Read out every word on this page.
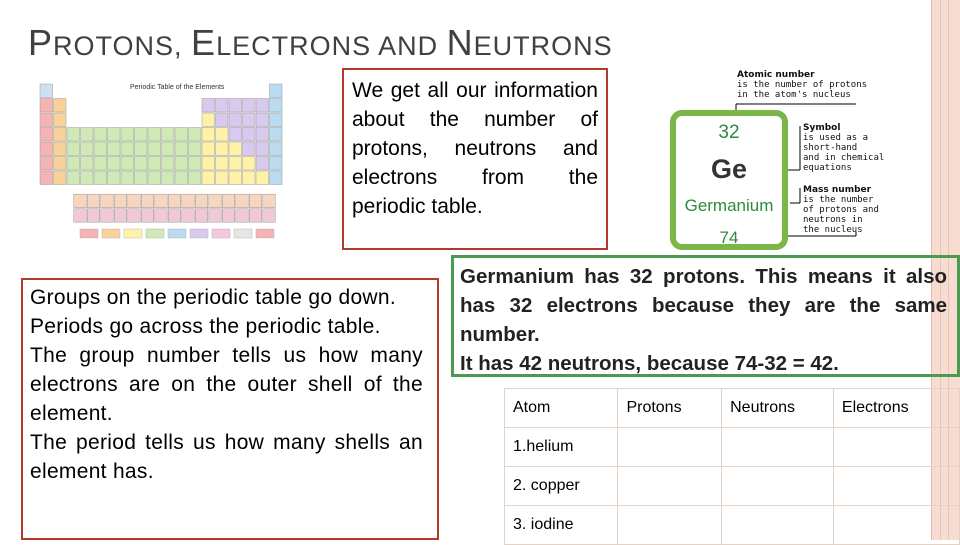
PROTONS, ELECTRONS AND NEUTRONS
Periodic Table of the Elements	We get all our information about the number of protons, neutrons and electrons from the periodic table.

32
Ge
Germanium
74
Atomic number
is the number of protons
in the atom's nucleus
Symbol
is used as a
short-hand
and in chemical
equations
Mass number
is the number
of protons and
neutrons in
the nucleus

Groups on the periodic table go down.

Periods go across the periodic table.

The group number tells us how many electrons are on the outer shell of the element.

The period tells us how many shells an element has.

Germanium has 32 protons. This means it also has 32 electrons because they are the same number.

It has 42 neutrons, because 74-32 = 42.

Atom	Protons	Neutrons	Electrons
1.helium			
2. copper			
3. iodine			
